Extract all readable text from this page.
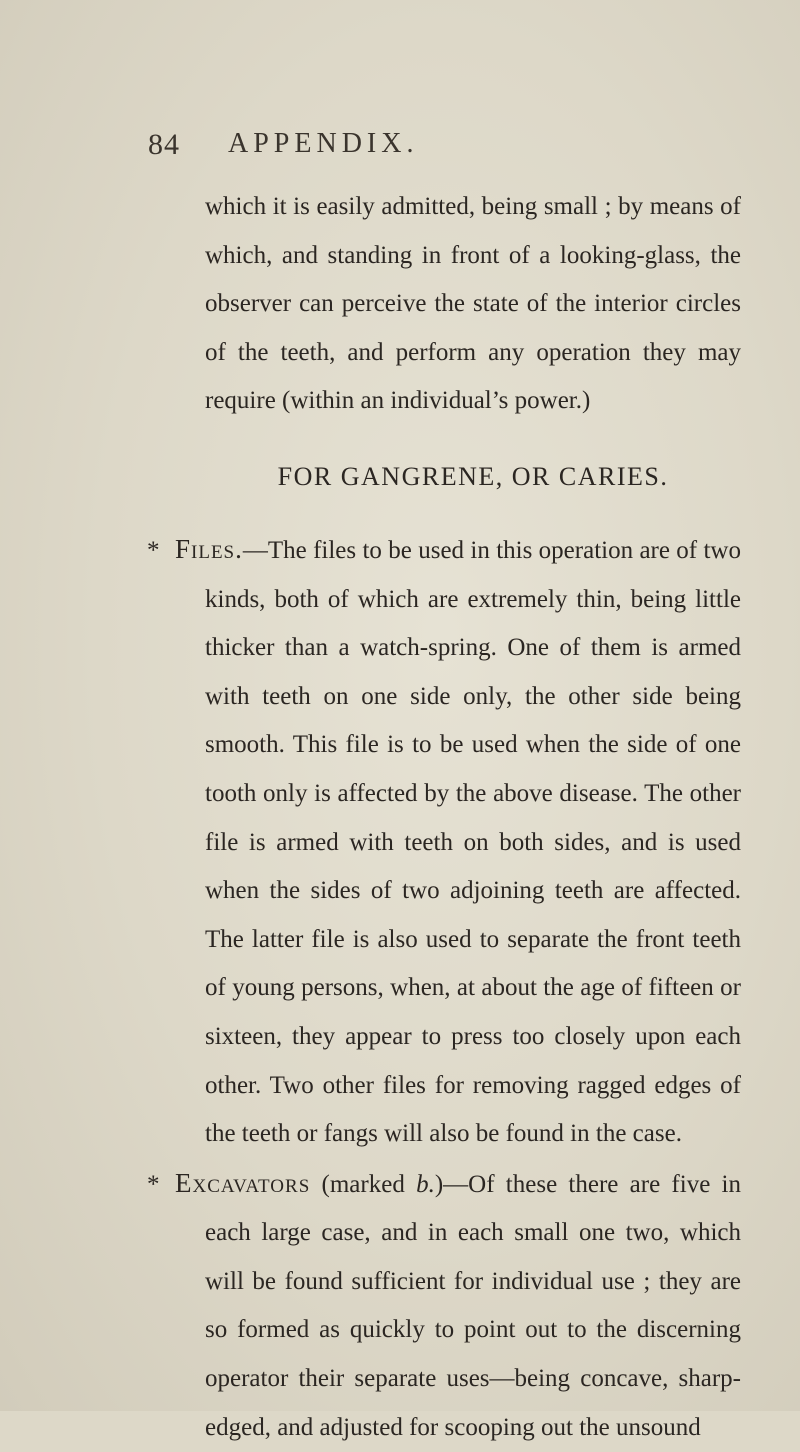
84 APPENDIX.

which it is easily admitted, being small ; by means of which, and standing in front of a looking-glass, the observer can perceive the state of the interior circles of the teeth, and perform any operation they may require (within an individual’s power.)

FOR GANGRENE, OR CARIES.

* Files.—The files to be used in this operation are of two kinds, both of which are extremely thin, being little thicker than a watch-spring. One of them is armed with teeth on one side only, the other side being smooth. This file is to be used when the side of one tooth only is affected by the above disease. The other file is armed with teeth on both sides, and is used when the sides of two adjoining teeth are affected. The latter file is also used to separate the front teeth of young persons, when, at about the age of fifteen or sixteen, they appear to press too closely upon each other. Two other files for removing ragged edges of the teeth or fangs will also be found in the case.

* Excavators (marked b.)—Of these there are five in each large case, and in each small one two, which will be found sufficient for individual use ; they are so formed as quickly to point out to the discerning operator their separate uses—being concave, sharp-edged, and adjusted for scooping out the unsound
